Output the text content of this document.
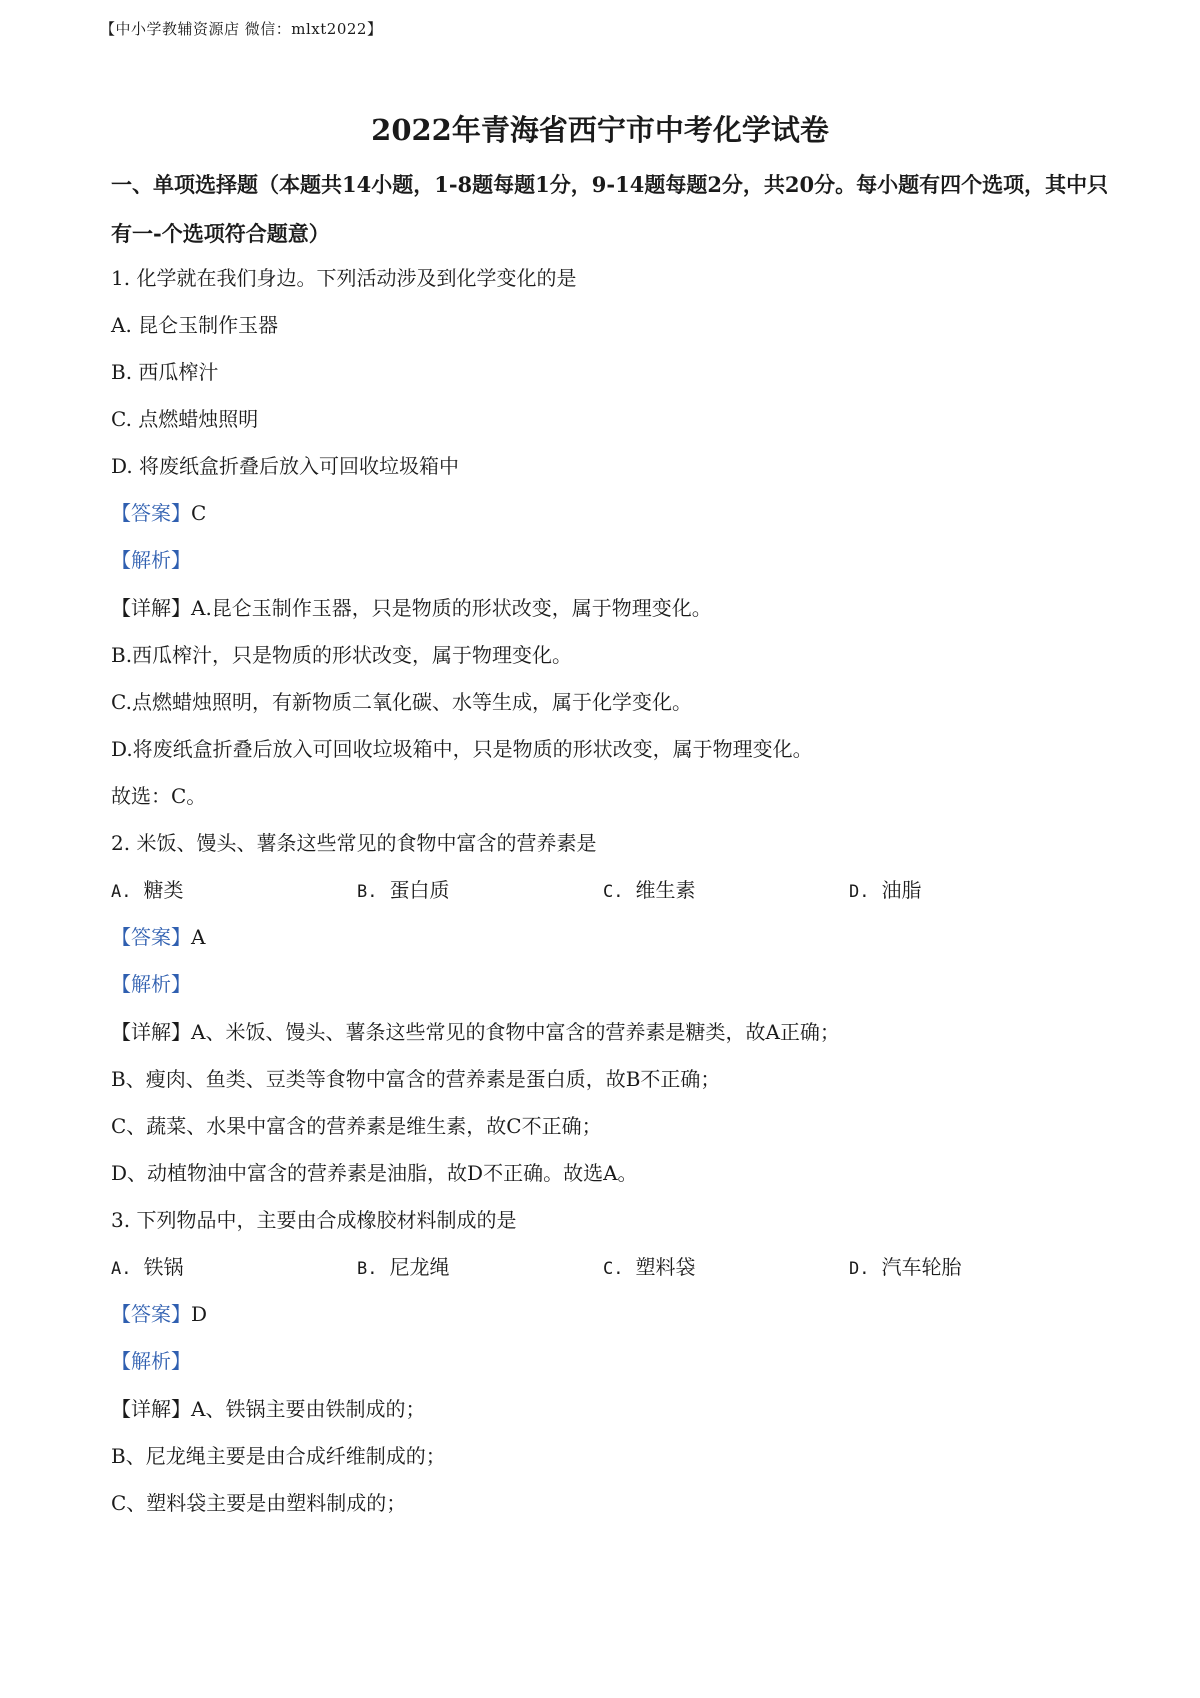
【中小学教辅资源店 微信：mlxt2022】
2022年青海省西宁市中考化学试卷
一、单项选择题（本题共14小题，1-8题每题1分，9-14题每题2分，共20分。每小题有四个选项，其中只有一-个选项符合题意）
1. 化学就在我们身边。下列活动涉及到化学变化的是
A. 昆仑玉制作玉器
B. 西瓜榨汁
C. 点燃蜡烛照明
D. 将废纸盒折叠后放入可回收垃圾箱中
【答案】C
【解析】
【详解】A.昆仑玉制作玉器，只是物质的形状改变，属于物理变化。
B.西瓜榨汁，只是物质的形状改变，属于物理变化。
C.点燃蜡烛照明，有新物质二氧化碳、水等生成，属于化学变化。
D.将废纸盒折叠后放入可回收垃圾箱中，只是物质的形状改变，属于物理变化。
故选：C。
2. 米饭、馒头、薯条这些常见的食物中富含的营养素是
A. 糖类	B. 蛋白质	C. 维生素	D. 油脂
【答案】A
【解析】
【详解】A、米饭、馒头、薯条这些常见的食物中富含的营养素是糖类，故A正确；
B、瘦肉、鱼类、豆类等食物中富含的营养素是蛋白质，故B不正确；
C、蔬菜、水果中富含的营养素是维生素，故C不正确；
D、动植物油中富含的营养素是油脂，故D不正确。故选A。
3. 下列物品中，主要由合成橡胶材料制成的是
A. 铁锅	B. 尼龙绳	C. 塑料袋	D. 汽车轮胎
【答案】D
【解析】
【详解】A、铁锅主要由铁制成的；
B、尼龙绳主要是由合成纤维制成的；
C、塑料袋主要是由塑料制成的；
